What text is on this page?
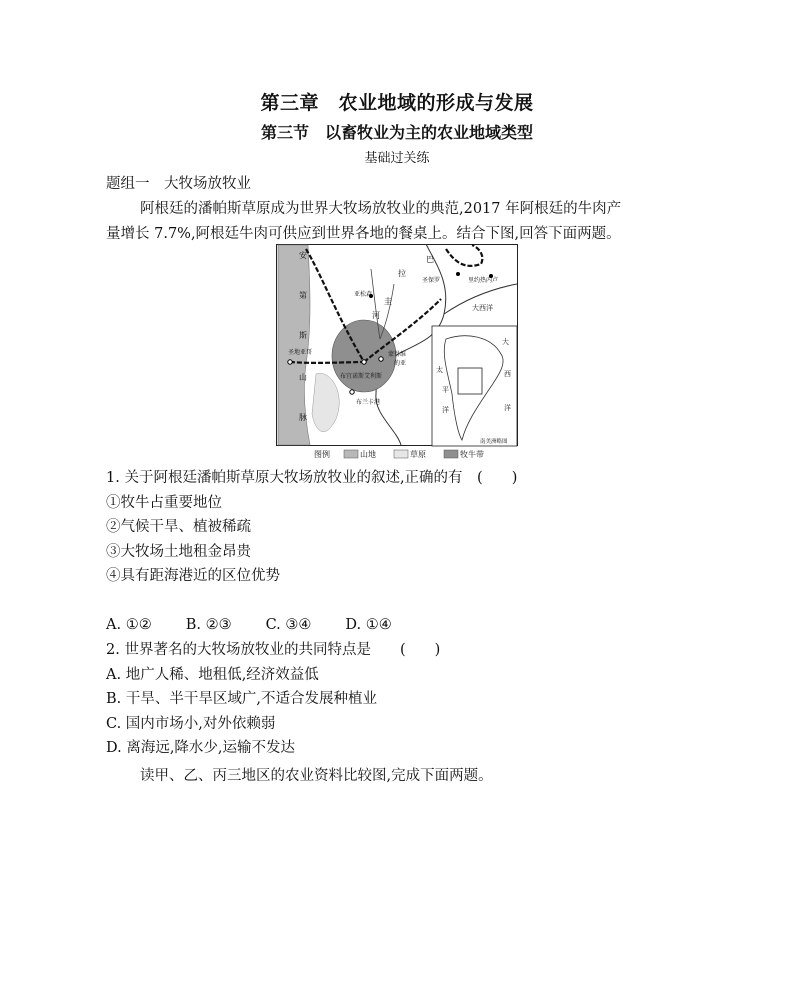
第三章　农业地域的形成与发展
第三节　以畜牧业为主的农业地域类型
基础过关练
题组一　大牧场放牧业
阿根廷的潘帕斯草原成为世界大牧场放牧业的典范,2017 年阿根廷的牛肉产
量增长 7.7%,阿根廷牛肉可供应到世界各地的餐桌上。结合下图,回答下面两题。
安
第
斯
山
脉
巴
拉
圭
亚松森
河
圣保罗	里约热内卢
大西洋
圣地亚哥
布宜诺斯艾利斯
蒙得维
的亚
布兰卡港
大
西
洋
太
平
洋
南美洲略图
图例	山地	草原	牧牛带
1. 关于阿根廷潘帕斯草原大牧场放牧业的叙述,正确的有　(　　)
①牧牛占重要地位
②气候干旱、植被稀疏
③大牧场土地租金昂贵
④具有距海港近的区位优势
A. ①② B. ②③ C. ③④ D. ①④
2. 世界著名的大牧场放牧业的共同特点是　　(　　)
A. 地广人稀、地租低,经济效益低
B. 干旱、半干旱区域广,不适合发展种植业
C. 国内市场小,对外依赖弱
D. 离海远,降水少,运输不发达
读甲、乙、丙三地区的农业资料比较图,完成下面两题。
